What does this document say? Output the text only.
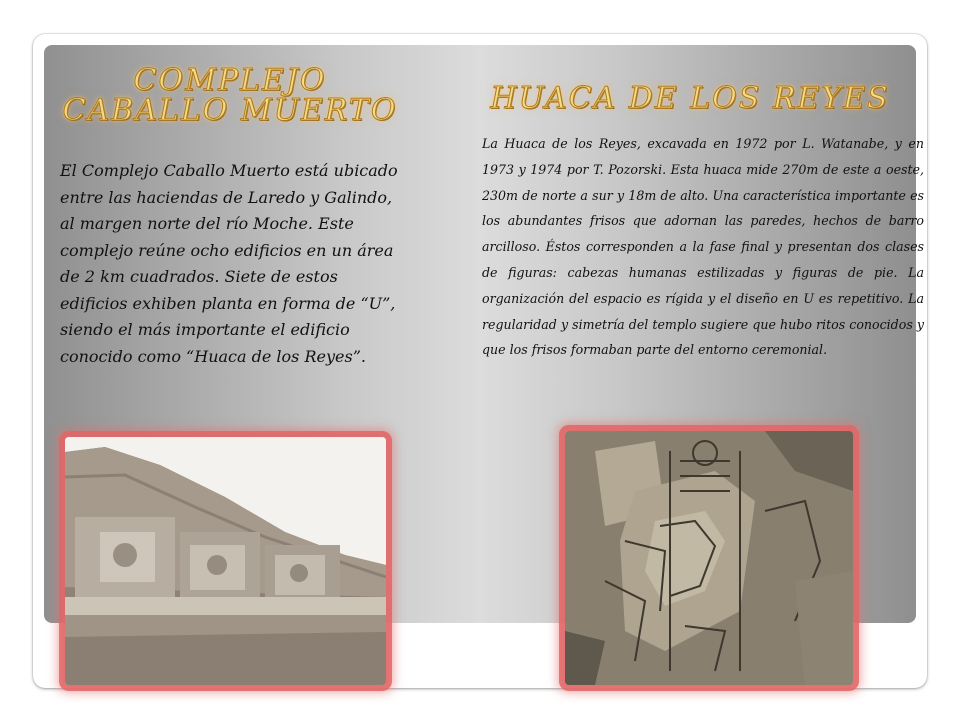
COMPLEJO CABALLO MUERTO
El Complejo Caballo Muerto está ubicado entre las haciendas de Laredo y Galindo, al margen norte del río Moche. Este complejo reúne ocho edificios en un área de 2 km cuadrados. Siete de estos edificios exhiben planta en forma de “U”, siendo el más importante el edificio conocido como “Huaca de los Reyes”.
HUACA DE LOS REYES
La Huaca de los Reyes, excavada en 1972 por L. Watanabe, y en 1973 y 1974 por T. Pozorski. Esta huaca mide 270m de este a oeste, 230m de norte a sur y 18m de alto. Una característica importante es los abundantes frisos que adornan las paredes, hechos de barro arcilloso. Éstos corresponden a la fase final y presentan dos clases de figuras: cabezas humanas estilizadas y figuras de pie. La organización del espacio es rígida y el diseño en U es repetitivo. La regularidad y simetría del templo sugiere que hubo ritos conocidos y que los frisos formaban parte del entorno ceremonial.
